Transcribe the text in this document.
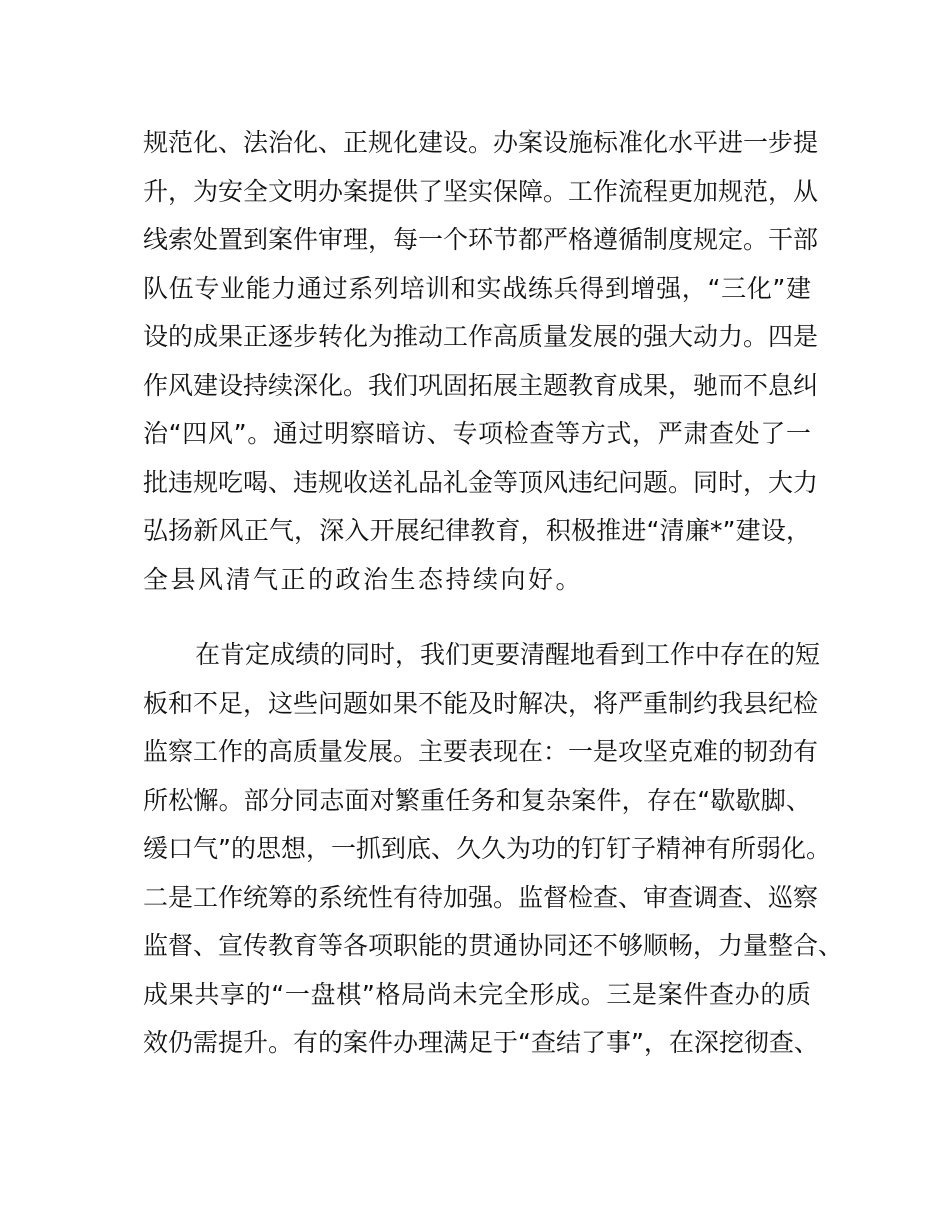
规范化、法治化、正规化建设。办案设施标准化水平进一步提
升，为安全文明办案提供了坚实保障。工作流程更加规范，从
线索处置到案件审理，每一个环节都严格遵循制度规定。干部
队伍专业能力通过系列培训和实战练兵得到增强，“三化”建
设的成果正逐步转化为推动工作高质量发展的强大动力。四是
作风建设持续深化。我们巩固拓展主题教育成果，驰而不息纠
治“四风”。通过明察暗访、专项检查等方式，严肃查处了一
批违规吃喝、违规收送礼品礼金等顶风违纪问题。同时，大力
弘扬新风正气，深入开展纪律教育，积极推进“清廉*”建设，
全县风清气正的政治生态持续向好。
在肯定成绩的同时，我们更要清醒地看到工作中存在的短
板和不足，这些问题如果不能及时解决，将严重制约我县纪检
监察工作的高质量发展。主要表现在：一是攻坚克难的韧劲有
所松懈。部分同志面对繁重任务和复杂案件，存在“歇歇脚、
缓口气”的思想，一抓到底、久久为功的钉钉子精神有所弱化。
二是工作统筹的系统性有待加强。监督检查、审查调查、巡察
监督、宣传教育等各项职能的贯通协同还不够顺畅，力量整合、
成果共享的“一盘棋”格局尚未完全形成。三是案件查办的质
效仍需提升。有的案件办理满足于“查结了事”，在深挖彻查、
